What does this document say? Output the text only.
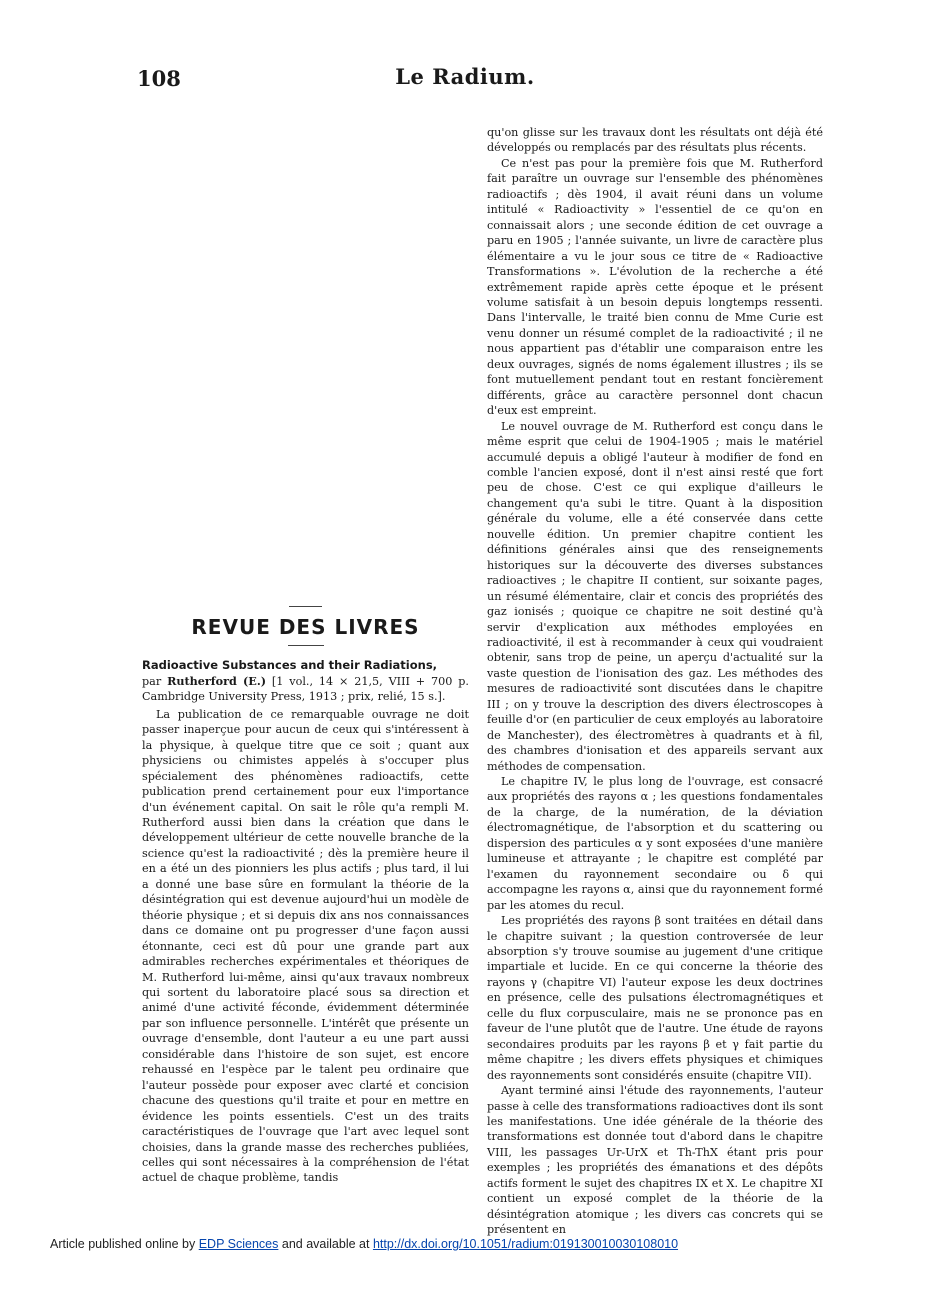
108	Le Radium.
REVUE DES LIVRES

Radioactive Substances and their Radiations,
par Rutherford (E.) [1 vol., 14 × 21,5, VIII + 700 p. Cambridge University Press, 1913 ; prix, relié, 15 s.].

La publication de ce remarquable ouvrage ne doit passer inaperçue pour aucun de ceux qui s'intéressent à la physique, à quelque titre que ce soit ; quant aux physiciens ou chimistes appelés à s'occuper plus spécialement des phénomènes radioactifs, cette publication prend certainement pour eux l'importance d'un événement capital. On sait le rôle qu'a rempli M. Rutherford aussi bien dans la création que dans le développement ultérieur de cette nouvelle branche de la science qu'est la radioactivité ; dès la première heure il en a été un des pionniers les plus actifs ; plus tard, il lui a donné une base sûre en formulant la théorie de la désintégration qui est devenue aujourd'hui un modèle de théorie physique ; et si depuis dix ans nos connaissances dans ce domaine ont pu progresser d'une façon aussi étonnante, ceci est dû pour une grande part aux admirables recherches expérimentales et théoriques de M. Rutherford lui-même, ainsi qu'aux travaux nombreux qui sortent du laboratoire placé sous sa direction et animé d'une activité féconde, évidemment déterminée par son influence personnelle. L'intérêt que présente un ouvrage d'ensemble, dont l'auteur a eu une part aussi considérable dans l'histoire de son sujet, est encore rehaussé en l'espèce par le talent peu ordinaire que l'auteur possède pour exposer avec clarté et concision chacune des questions qu'il traite et pour en mettre en évidence les points essentiels. C'est un des traits caractéristiques de l'ouvrage que l'art avec lequel sont choisies, dans la grande masse des recherches publiées, celles qui sont nécessaires à la compréhension de l'état actuel de chaque problème, tandis

qu'on glisse sur les travaux dont les résultats ont déjà été développés ou remplacés par des résultats plus récents.

Ce n'est pas pour la première fois que M. Rutherford fait paraître un ouvrage sur l'ensemble des phénomènes radioactifs ; dès 1904, il avait réuni dans un volume intitulé « Radioactivity » l'essentiel de ce qu'on en connaissait alors ; une seconde édition de cet ouvrage a paru en 1905 ; l'année suivante, un livre de caractère plus élémentaire a vu le jour sous ce titre de « Radioactive Transformations ». L'évolution de la recherche a été extrêmement rapide après cette époque et le présent volume satisfait à un besoin depuis longtemps ressenti. Dans l'intervalle, le traité bien connu de Mme Curie est venu donner un résumé complet de la radioactivité ; il ne nous appartient pas d'établir une comparaison entre les deux ouvrages, signés de noms également illustres ; ils se font mutuellement pendant tout en restant foncièrement différents, grâce au caractère personnel dont chacun d'eux est empreint.

Le nouvel ouvrage de M. Rutherford est conçu dans le même esprit que celui de 1904-1905 ; mais le matériel accumulé depuis a obligé l'auteur à modifier de fond en comble l'ancien exposé, dont il n'est ainsi resté que fort peu de chose. C'est ce qui explique d'ailleurs le changement qu'a subi le titre. Quant à la disposition générale du volume, elle a été conservée dans cette nouvelle édition. Un premier chapitre contient les définitions générales ainsi que des renseignements historiques sur la découverte des diverses substances radioactives ; le chapitre II contient, sur soixante pages, un résumé élémentaire, clair et concis des propriétés des gaz ionisés ; quoique ce chapitre ne soit destiné qu'à servir d'explication aux méthodes employées en radioactivité, il est à recommander à ceux qui voudraient obtenir, sans trop de peine, un aperçu d'actualité sur la vaste question de l'ionisation des gaz. Les méthodes des mesures de radioactivité sont discutées dans le chapitre III ; on y trouve la description des divers électroscopes à feuille d'or (en particulier de ceux employés au laboratoire de Manchester), des électromètres à quadrants et à fil, des chambres d'ionisation et des appareils servant aux méthodes de compensation.

Le chapitre IV, le plus long de l'ouvrage, est consacré aux propriétés des rayons α ; les questions fondamentales de la charge, de la numération, de la déviation électromagnétique, de l'absorption et du scattering ou dispersion des particules α y sont exposées d'une manière lumineuse et attrayante ; le chapitre est complété par l'examen du rayonnement secondaire ou δ qui accompagne les rayons α, ainsi que du rayonnement formé par les atomes du recul.

Les propriétés des rayons β sont traitées en détail dans le chapitre suivant ; la question controversée de leur absorption s'y trouve soumise au jugement d'une critique impartiale et lucide. En ce qui concerne la théorie des rayons γ (chapitre VI) l'auteur expose les deux doctrines en présence, celle des pulsations électromagnétiques et celle du flux corpusculaire, mais ne se prononce pas en faveur de l'une plutôt que de l'autre. Une étude de rayons secondaires produits par les rayons β et γ fait partie du même chapitre ; les divers effets physiques et chimiques des rayonnements sont considérés ensuite (chapitre VII).

Ayant terminé ainsi l'étude des rayonnements, l'auteur passe à celle des transformations radioactives dont ils sont les manifestations. Une idée générale de la théorie des transformations est donnée tout d'abord dans le chapitre VIII, les passages Ur-UrX et Th-ThX étant pris pour exemples ; les propriétés des émanations et des dépôts actifs forment le sujet des chapitres IX et X. Le chapitre XI contient un exposé complet de la théorie de la désintégration atomique ; les divers cas concrets qui se présentent en

Article published online by EDP Sciences and available at http://dx.doi.org/10.1051/radium:019130010030108010
